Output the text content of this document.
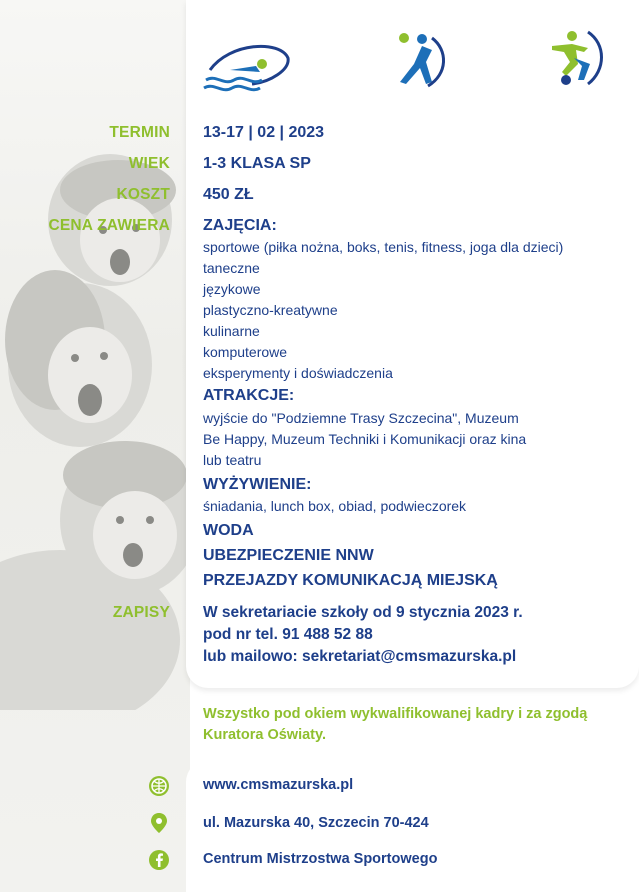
TERMIN 13-17 | 02 | 2023
WIEK 1-3 KLASA SP
KOSZT 450 ZŁ
CENA ZAWIERA ZAJĘCIA:
sportowe (piłka nożna, boks, tenis, fitness, joga dla dzieci)
taneczne
językowe
plastyczno-kreatywne
kulinarne
komputerowe
eksperymenty i doświadczenia
ATRAKCJE:
wyjście do "Podziemne Trasy Szczecina", Muzeum
Be Happy, Muzeum Techniki i Komunikacji oraz kina
lub teatru
WYŻYWIENIE:
śniadania, lunch box, obiad, podwieczorek
WODA
UBEZPIECZENIE NNW
PRZEJAZDY KOMUNIKACJĄ MIEJSKĄ
ZAPISY W sekretariacie szkoły od 9 stycznia 2023 r.
pod nr tel. 91 488 52 88
lub mailowo: sekretariat@cmsmazurska.pl
Wszystko pod okiem wykwalifikowanej kadry i za zgodą Kuratora Oświaty.
www.cmsmazurska.pl
ul. Mazurska 40, Szczecin 70-424
Centrum Mistrzostwa Sportowego
